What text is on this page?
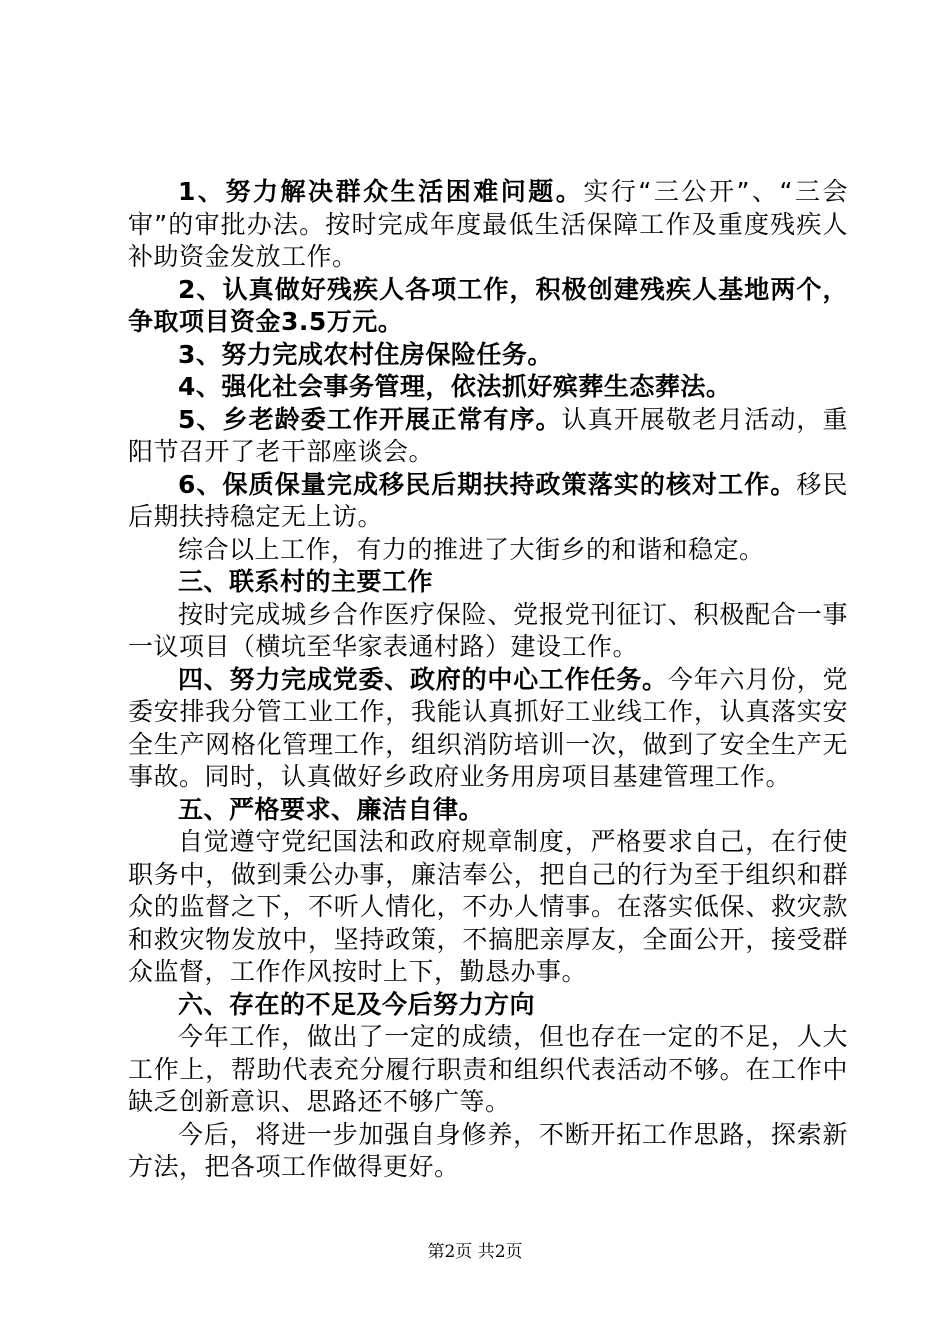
1、努力解决群众生活困难问题。实行“三公开”、“三会审”的审批办法。按时完成年度最低生活保障工作及重度残疾人补助资金发放工作。

2、认真做好残疾人各项工作，积极创建残疾人基地两个，争取项目资金3.5万元。

3、努力完成农村住房保险任务。

4、强化社会事务管理，依法抓好殡葬生态葬法。

5、乡老龄委工作开展正常有序。认真开展敬老月活动，重阳节召开了老干部座谈会。

6、保质保量完成移民后期扶持政策落实的核对工作。移民后期扶持稳定无上访。

综合以上工作，有力的推进了大街乡的和谐和稳定。

三、联系村的主要工作

按时完成城乡合作医疗保险、党报党刊征订、积极配合一事一议项目（横坑至华家表通村路）建设工作。

四、努力完成党委、政府的中心工作任务。今年六月份，党委安排我分管工业工作，我能认真抓好工业线工作，认真落实安全生产网格化管理工作，组织消防培训一次，做到了安全生产无事故。同时，认真做好乡政府业务用房项目基建管理工作。

五、严格要求、廉洁自律。

自觉遵守党纪国法和政府规章制度，严格要求自己，在行使职务中，做到秉公办事，廉洁奉公，把自己的行为至于组织和群众的监督之下，不听人情化，不办人情事。在落实低保、救灾款和救灾物发放中，坚持政策，不搞肥亲厚友，全面公开，接受群众监督，工作作风按时上下，勤恳办事。

六、存在的不足及今后努力方向

今年工作，做出了一定的成绩，但也存在一定的不足，人大工作上，帮助代表充分履行职责和组织代表活动不够。在工作中缺乏创新意识、思路还不够广等。

今后，将进一步加强自身修养，不断开拓工作思路，探索新方法，把各项工作做得更好。

第2页 共2页
